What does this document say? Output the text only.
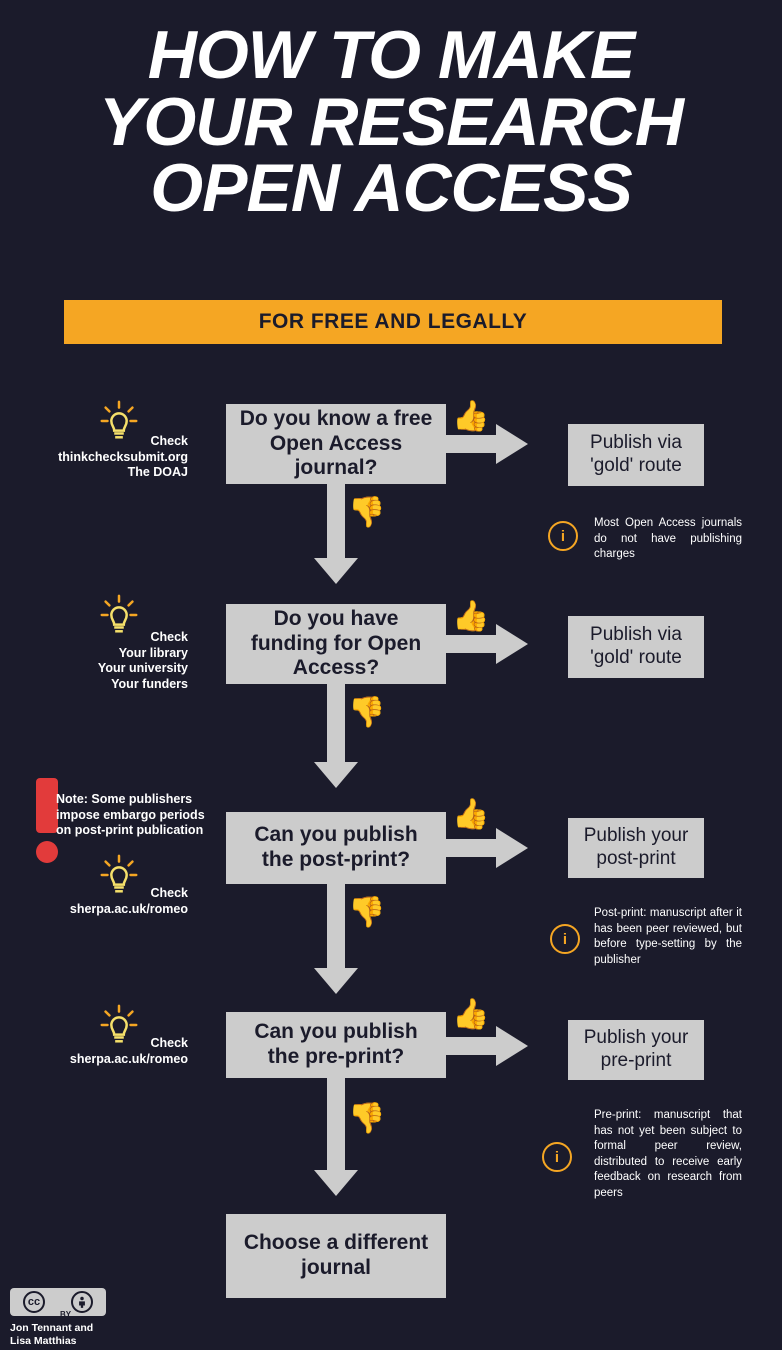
HOW TO MAKE
YOUR RESEARCH
OPEN ACCESS
FOR FREE AND LEGALLY
Check
thinkchecksubmit.org
The DOAJ
Do you know a free Open Access journal?
👍
Publish via 'gold' route
👎
i
Most Open Access journals do not have publishing charges
Check
Your library
Your university
Your funders
Do you have funding for Open Access?
👍
Publish via 'gold' route
👎
Note: Some publishers impose embargo periods on post-print publication
Check
sherpa.ac.uk/romeo
Can you publish the post-print?
👍
Publish your post-print
👎
i
Post-print: manuscript after it has been peer reviewed, but before type-setting by the publisher
Check
sherpa.ac.uk/romeo
Can you publish the pre-print?
👍
Publish your pre-print
👎
i
Pre-print: manuscript that has not yet been subject to formal peer review, distributed to receive early feedback on research from peers
Choose a different journal
cc
BY
Jon Tennant and
Lisa Matthias
